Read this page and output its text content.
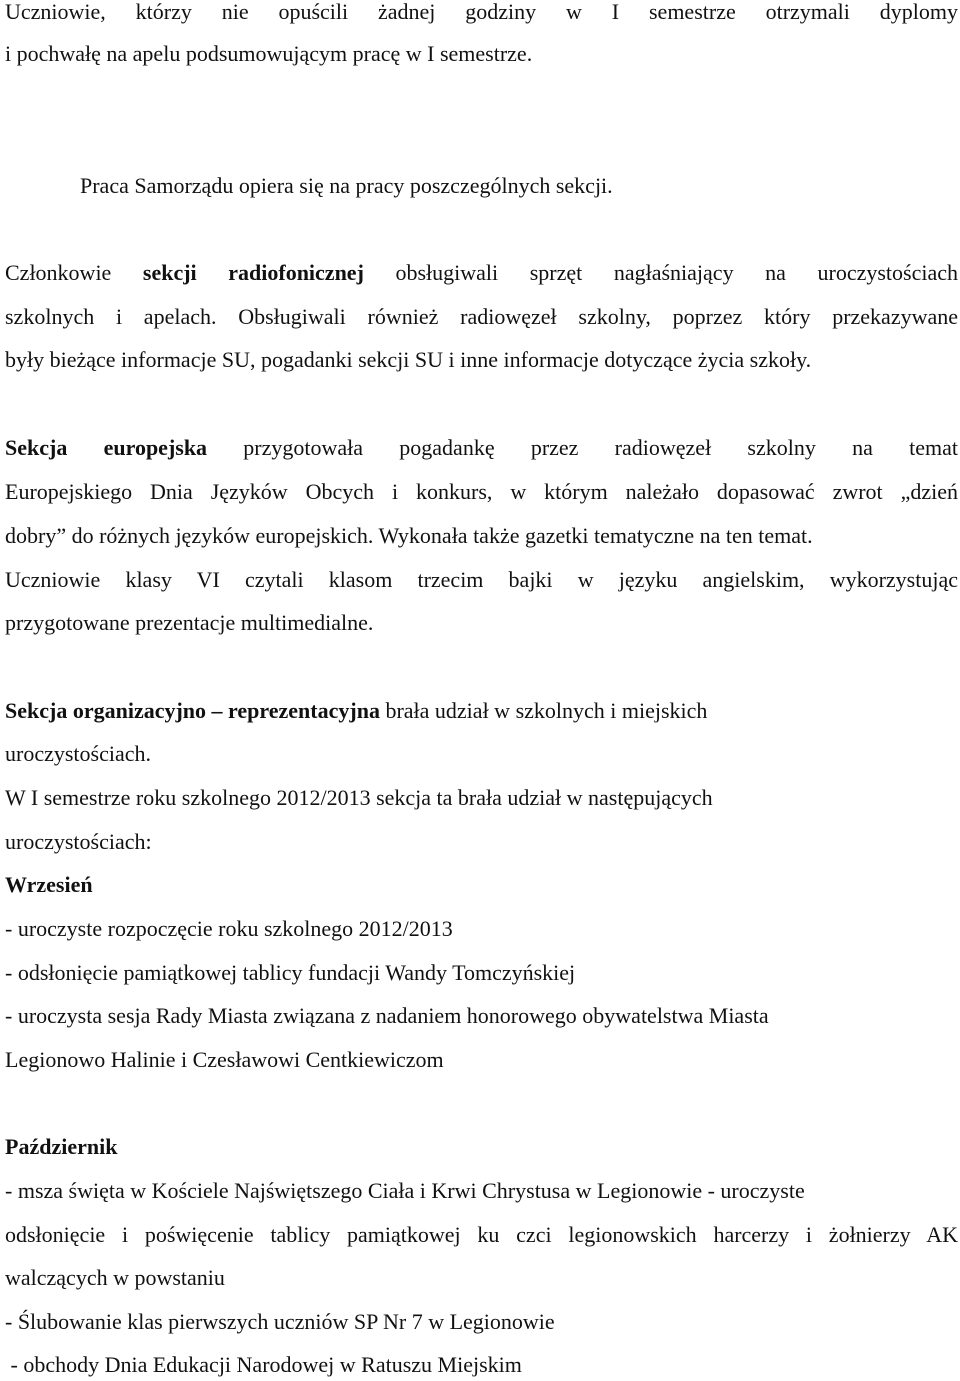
Uczniowie, którzy nie opuścili żadnej godziny w I semestrze otrzymali dyplomy
i pochwałę na apelu podsumowującym pracę w I semestrze.
Praca Samorządu opiera się na pracy poszczególnych sekcji.
Członkowie sekcji radiofonicznej obsługiwali sprzęt nagłaśniający na uroczystościach
szkolnych i apelach. Obsługiwali również radiowęzeł szkolny, poprzez który przekazywane
były bieżące informacje SU, pogadanki sekcji SU i inne informacje dotyczące życia szkoły.
Sekcja europejska przygotowała pogadankę przez radiowęzeł szkolny na temat
Europejskiego Dnia Języków Obcych i konkurs, w którym należało dopasować zwrot „dzień
dobry” do różnych języków europejskich. Wykonała także gazetki tematyczne na ten temat.
Uczniowie klasy VI czytali klasom trzecim bajki w języku angielskim, wykorzystując
przygotowane prezentacje multimedialne.
Sekcja organizacyjno – reprezentacyjna brała udział w szkolnych i miejskich
uroczystościach.
W I semestrze roku szkolnego 2012/2013 sekcja ta brała udział w następujących
uroczystościach:
Wrzesień
- uroczyste rozpoczęcie roku szkolnego 2012/2013
- odsłonięcie pamiątkowej tablicy fundacji Wandy Tomczyńskiej
- uroczysta sesja Rady Miasta związana z nadaniem honorowego obywatelstwa Miasta
Legionowo Halinie i Czesławowi Centkiewiczom
Październik
- msza święta w Kościele Najświętszego Ciała i Krwi Chrystusa w Legionowie - uroczyste
odsłonięcie i poświęcenie tablicy pamiątkowej ku czci legionowskich harcerzy i żołnierzy AK
walczących w powstaniu
- Ślubowanie klas pierwszych uczniów SP Nr 7 w Legionowie
- obchody Dnia Edukacji Narodowej w Ratuszu Miejskim
